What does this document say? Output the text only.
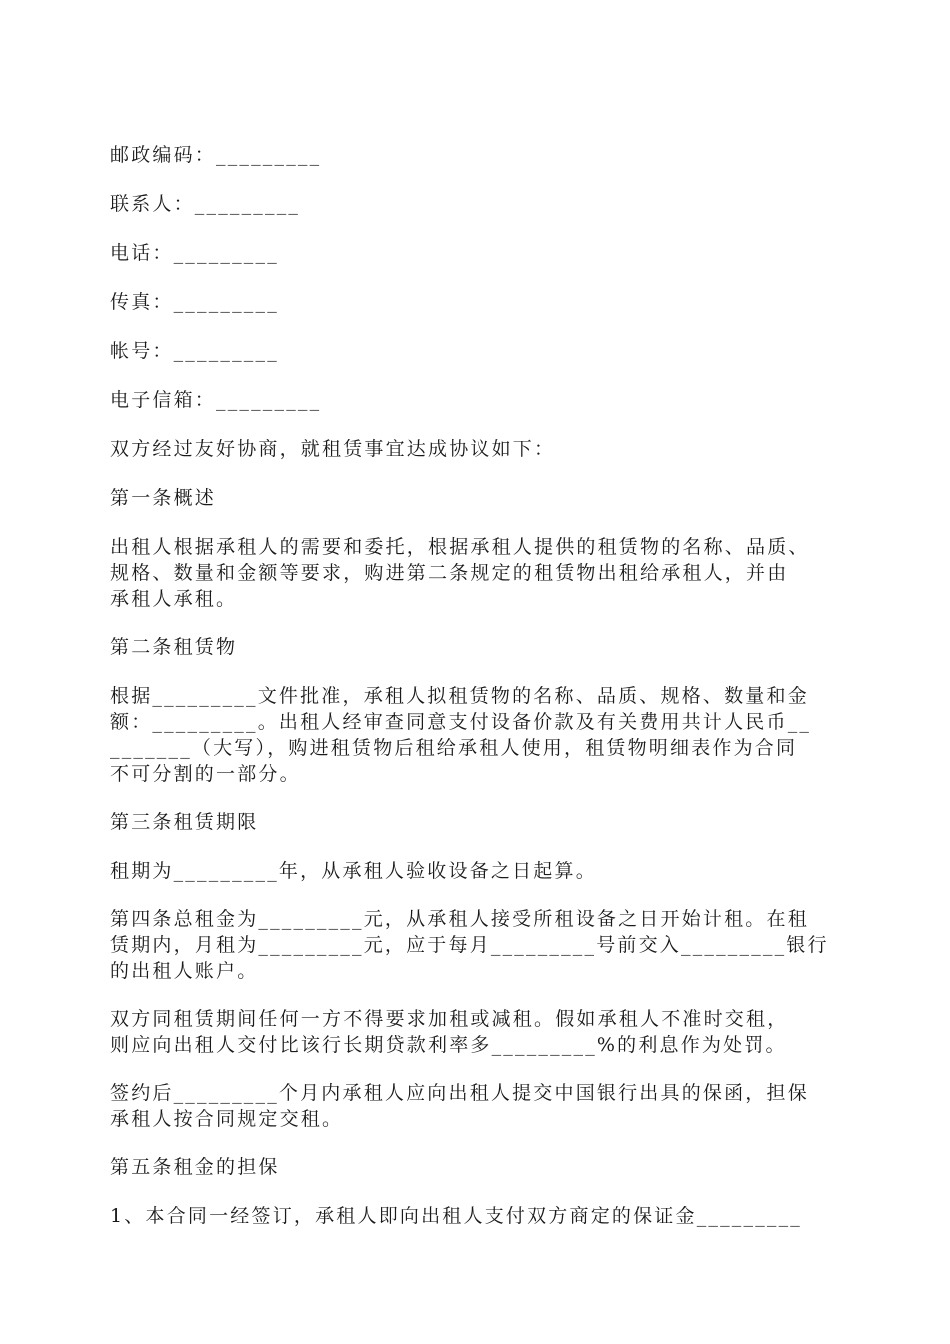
邮政编码：_________

联系人：_________

电话：_________

传真：_________

帐号：_________

电子信箱：_________

双方经过友好协商，就租赁事宜达成协议如下：

第一条概述

出租人根据承租人的需要和委托，根据承租人提供的租赁物的名称、品质、

规格、数量和金额等要求，购进第二条规定的租赁物出租给承租人，并由

承租人承租。

第二条租赁物

根据_________文件批准，承租人拟租赁物的名称、品质、规格、数量和金

额：_________。出租人经审查同意支付设备价款及有关费用共计人民币__

_______（大写），购进租赁物后租给承租人使用，租赁物明细表作为合同

不可分割的一部分。

第三条租赁期限

租期为_________年，从承租人验收设备之日起算。

第四条总租金为_________元，从承租人接受所租设备之日开始计租。在租

赁期内，月租为_________元，应于每月_________号前交入_________银行

的出租人账户。

双方同租赁期间任何一方不得要求加租或减租。假如承租人不准时交租，

则应向出租人交付比该行长期贷款利率多_________%的利息作为处罚。

签约后_________个月内承租人应向出租人提交中国银行出具的保函，担保

承租人按合同规定交租。

第五条租金的担保

1、本合同一经签订，承租人即向出租人支付双方商定的保证金_________
